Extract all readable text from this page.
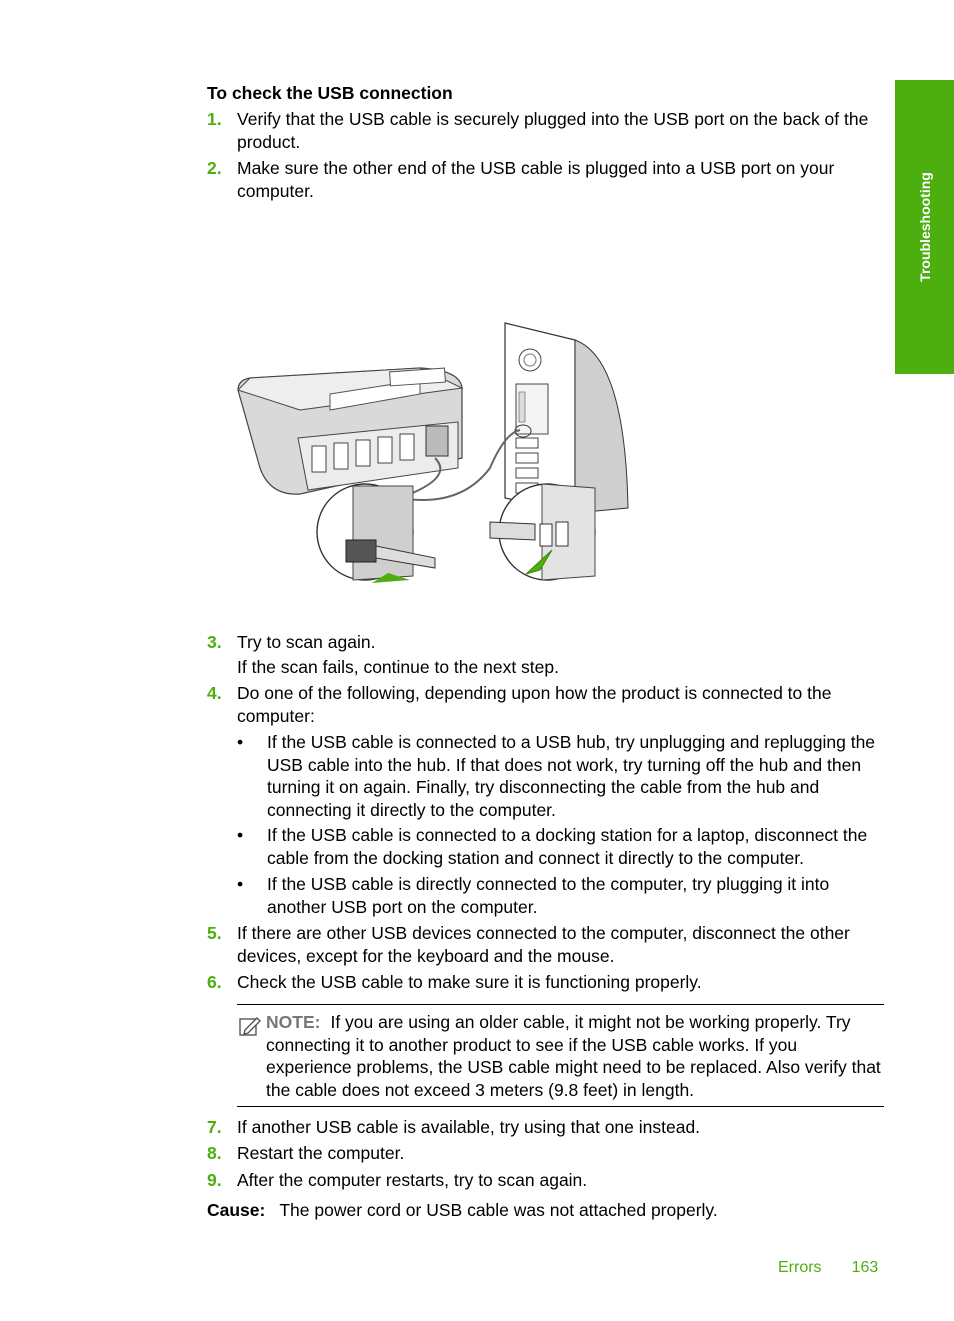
Troubleshooting
To check the USB connection
1. Verify that the USB cable is securely plugged into the USB port on the back of the product.
2. Make sure the other end of the USB cable is plugged into a USB port on your computer.
3. Try to scan again.
If the scan fails, continue to the next step.
4. Do one of the following, depending upon how the product is connected to the computer:
• If the USB cable is connected to a USB hub, try unplugging and replugging the USB cable into the hub. If that does not work, try turning off the hub and then turning it on again. Finally, try disconnecting the cable from the hub and connecting it directly to the computer.
• If the USB cable is connected to a docking station for a laptop, disconnect the cable from the docking station and connect it directly to the computer.
• If the USB cable is directly connected to the computer, try plugging it into another USB port on the computer.
5. If there are other USB devices connected to the computer, disconnect the other devices, except for the keyboard and the mouse.
6. Check the USB cable to make sure it is functioning properly.
NOTE: If you are using an older cable, it might not be working properly. Try connecting it to another product to see if the USB cable works. If you experience problems, the USB cable might need to be replaced. Also verify that the cable does not exceed 3 meters (9.8 feet) in length.
7. If another USB cable is available, try using that one instead.
8. Restart the computer.
9. After the computer restarts, try to scan again.
Cause: The power cord or USB cable was not attached properly.
Errors 163
